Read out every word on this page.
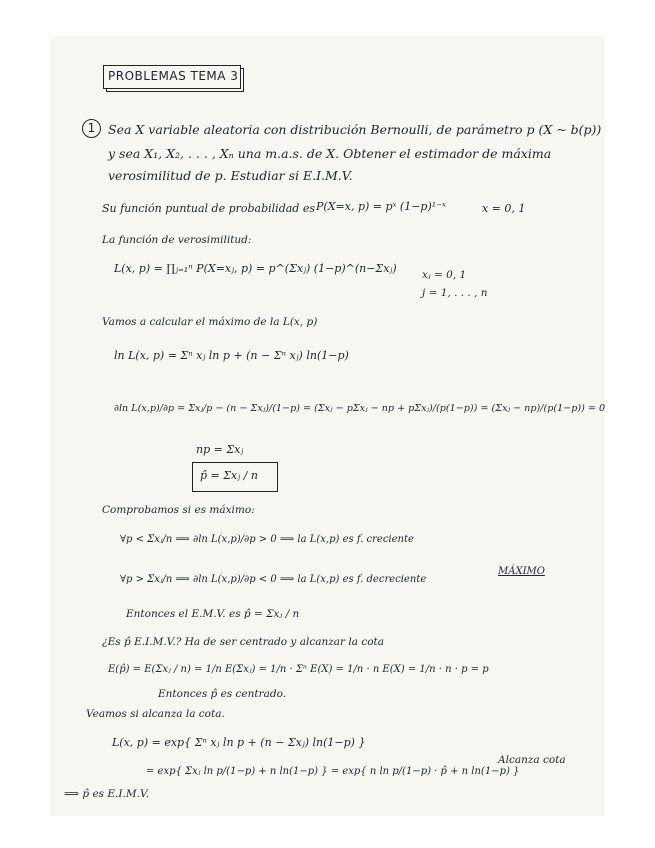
PROBLEMAS TEMA 3
1	Sea X variable aleatoria con distribución Bernoulli, de parámetro p (X ~ b(p))
y sea X₁, X₂, . . . , Xₙ una m.a.s. de X. Obtener el estimador de máxima
verosimilitud de p. Estudiar si E.I.M.V.
Su función puntual de probabilidad es P(X=x, p) = pˣ (1−p)¹⁻ˣ	x = 0, 1
La función de verosimilitud:
L(x, p) = ∏ⱼ₌₁ⁿ P(X=xⱼ, p) = p^(Σxⱼ) (1−p)^(n−Σxⱼ) xⱼ = 0, 1
j = 1, . . . , n
Vamos a calcular el máximo de la L(x, p)
ln L(x, p) = Σⁿ xⱼ ln p + (n − Σⁿ xⱼ) ln(1−p)
∂ln L(x,p)/∂p = Σxⱼ/p − (n − Σxⱼ)/(1−p) = (Σxⱼ − pΣxⱼ − np + pΣxⱼ)/(p(1−p)) = (Σxⱼ − np)/(p(1−p)) = 0
np = Σxⱼ
p̂ = Σxⱼ / n
Comprobamos si es máximo:
∀p < Σxⱼ/n ⟹ ∂ln L(x,p)/∂p > 0 ⟹ la L(x,p) es f. creciente
∀p > Σxⱼ/n ⟹ ∂ln L(x,p)/∂p < 0 ⟹ la L(x,p) es f. decreciente
MÁXIMO
Entonces el E.M.V. es p̂ = Σxⱼ / n
¿Es p̂ E.I.M.V.? Ha de ser centrado y alcanzar la cota
E(p̂) = E(Σxⱼ / n) = 1/n E(Σxⱼ) = 1/n · Σⁿ E(X) = 1/n · n E(X) = 1/n · n · p = p
Entonces p̂ es centrado.
Veamos si alcanza la cota.
L(x, p) = exp{ Σⁿ xⱼ ln p + (n − Σxⱼ) ln(1−p) }
Alcanza cota
= exp{ Σxⱼ ln p/(1−p) + n ln(1−p) } = exp{ n ln p/(1−p) · p̂ + n ln(1−p) }
⟹ p̂ es E.I.M.V.
